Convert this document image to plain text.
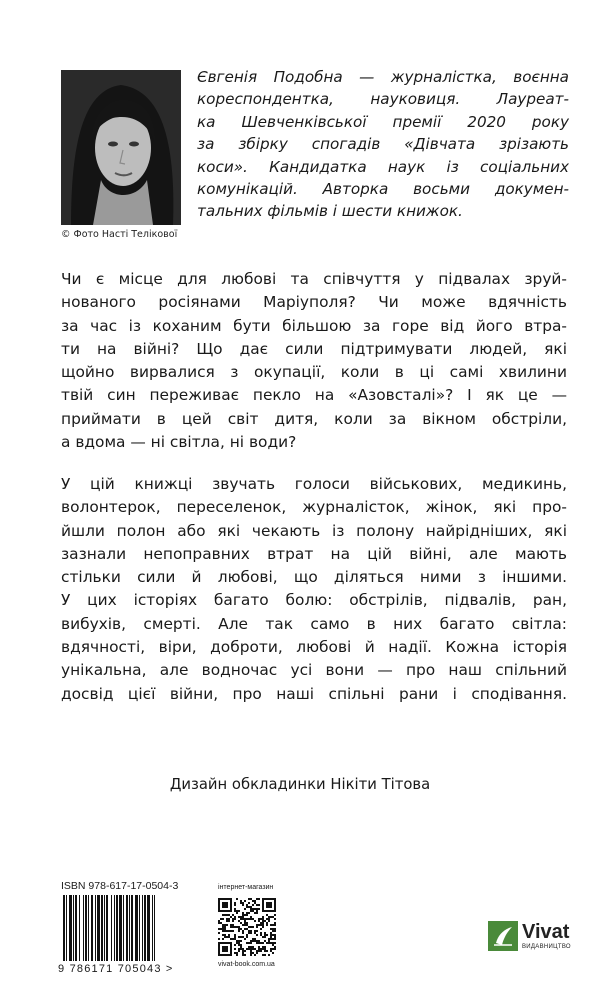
© Фото Насті Телікової
Євгенія Подобна — журналістка, воєнна
кореспондентка, науковиця. Лауреат-
ка Шевченківської премії 2020 року
за збірку спогадів «Дівчата зрізають
коси». Кандидатка наук із соціальних
комунікацій. Авторка восьми докумен-
тальних фільмів і шести книжок.
Чи є місце для любові та співчуття у підвалах зруй-
нованого росіянами Маріуполя? Чи може вдячність
за час із коханим бути більшою за горе від його втра-
ти на війні? Що дає сили підтримувати людей, які
щойно вирвалися з окупації, коли в ці самі хвилини
твій син переживає пекло на «Азовсталі»? І як це —
приймати в цей світ дитя, коли за вікном обстріли,
а вдома — ні світла, ні води?
У цій книжці звучать голоси військових, медикинь,
волонтерок, переселенок, журналісток, жінок, які про-
йшли полон або які чекають із полону найрідніших, які
зазнали непоправних втрат на цій війні, але мають
стільки сили й любові, що діляться ними з іншими.
У цих історіях багато болю: обстрілів, підвалів, ран,
вибухів, смерті. Але так само в них багато світла:
вдячності, віри, доброти, любові й надії. Кожна історія
унікальна, але водночас усі вони — про наш спільний
досвід цієї війни, про наші спільні рани і сподівання.
Дизайн обкладинки Нікіти Тітова
ISBN 978-617-17-0504-3
9 786171 705043 >
інтернет-магазин
vivat-book.com.ua
Vivat
ВИДАВНИЦТВО
